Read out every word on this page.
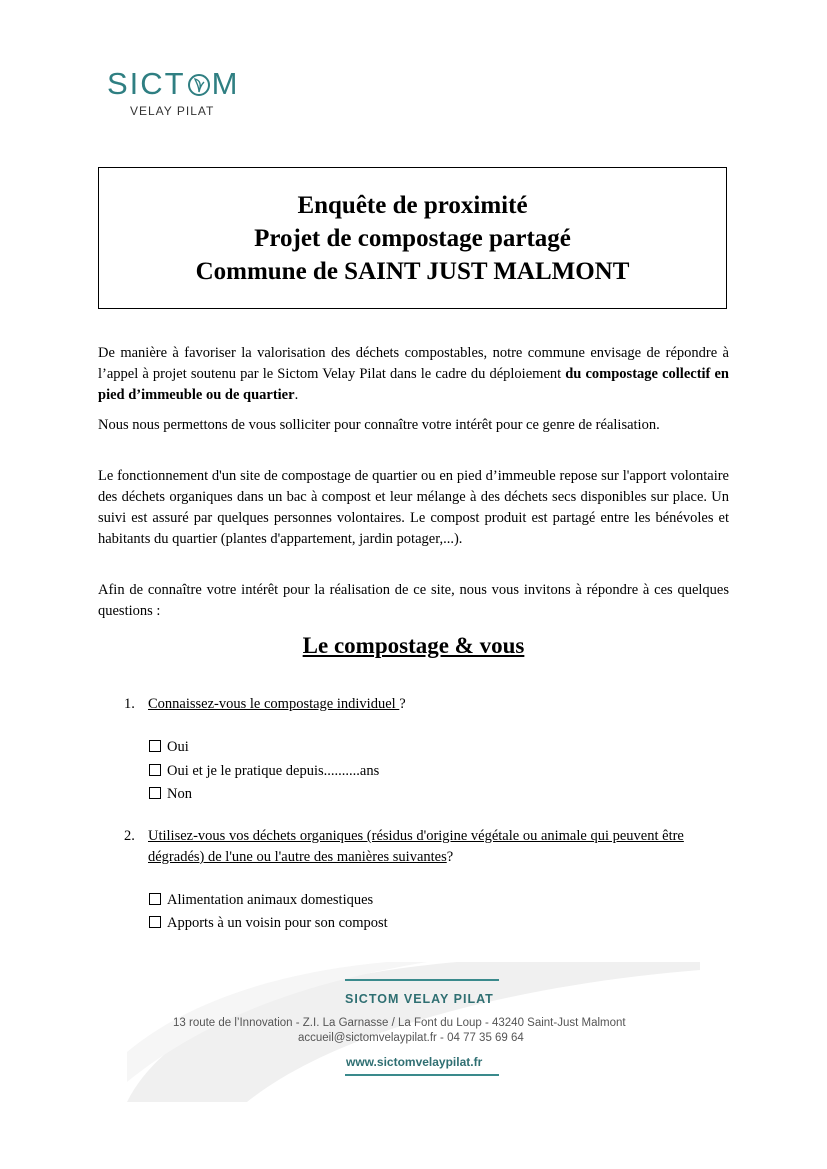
SICT M
VELAY PILAT
Enquête de proximité
Projet de compostage partagé
Commune de SAINT JUST MALMONT
De manière à favoriser la valorisation des déchets compostables, notre commune envisage de répondre à l’appel à projet soutenu par le Sictom Velay Pilat dans le cadre du déploiement du compostage collectif en pied d’immeuble ou de quartier.
Nous nous permettons de vous solliciter pour connaître votre intérêt pour ce genre de réalisation.
Le fonctionnement d'un site de compostage de quartier ou en pied d’immeuble repose sur l'apport volontaire des déchets organiques dans un bac à compost et leur mélange à des déchets secs disponibles sur place. Un suivi est assuré par quelques personnes volontaires. Le compost produit est partagé entre les bénévoles et habitants du quartier (plantes d'appartement, jardin potager,...).
Afin de connaître votre intérêt pour la réalisation de ce site, nous vous invitons à répondre à ces quelques questions :
Le compostage & vous
1. Connaissez-vous le compostage individuel ?
Oui
Oui et je le pratique depuis..........ans
Non
2. Utilisez-vous vos déchets organiques (résidus d'origine végétale ou animale qui peuvent être dégradés) de l'une ou l'autre des manières suivantes?
Alimentation animaux domestiques
Apports à un voisin pour son compost
SICTOM VELAY PILAT
13 route de l’Innovation - Z.I. La Garnasse / La Font du Loup - 43240 Saint-Just Malmont
accueil@sictomvelaypilat.fr - 04 77 35 69 64
www.sictomvelaypilat.fr
